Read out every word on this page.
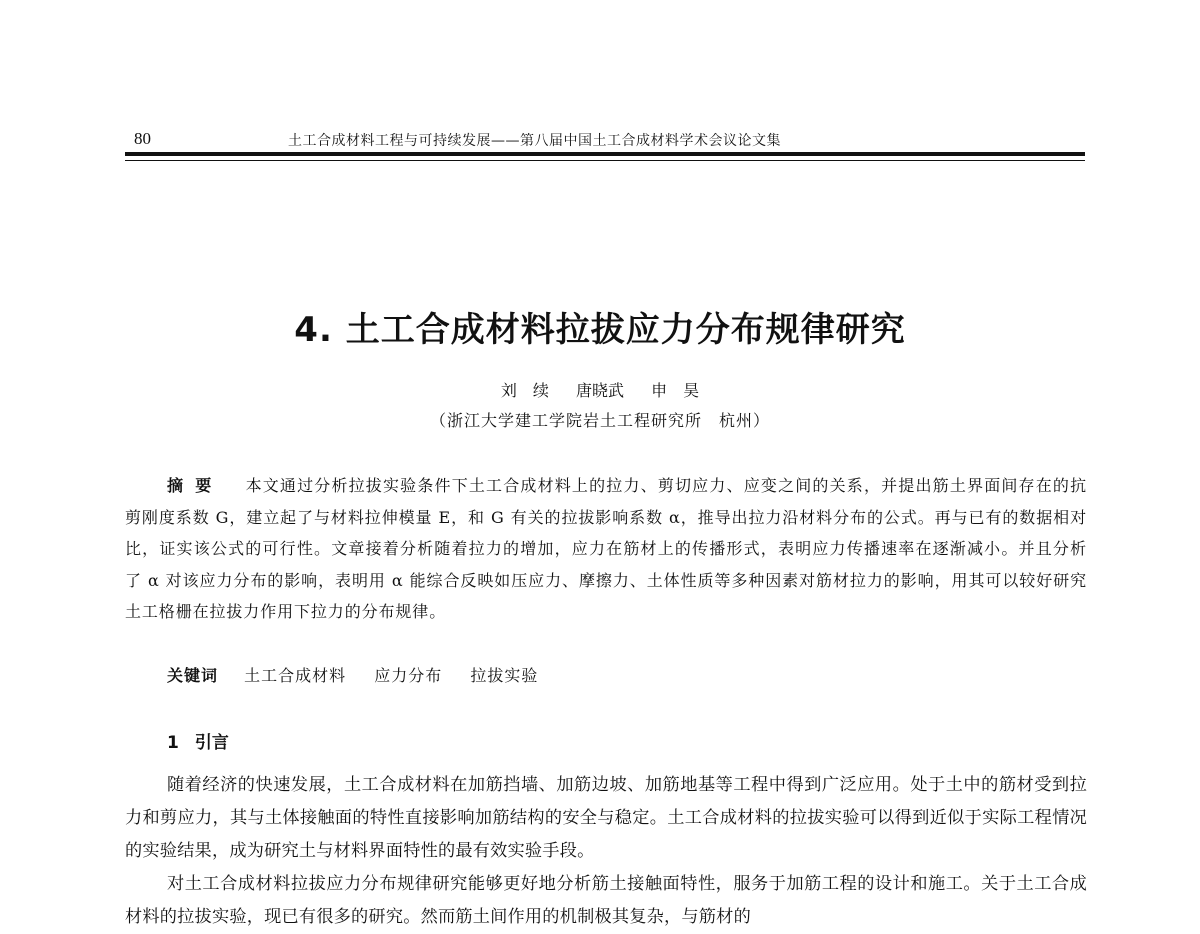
80	土工合成材料工程与可持续发展——第八届中国土工合成材料学术会议论文集
4. 土工合成材料拉拔应力分布规律研究
刘　续 唐晓武 申　昊
（浙江大学建工学院岩土工程研究所　杭州）
摘要 本文通过分析拉拔实验条件下土工合成材料上的拉力、剪切应力、应变之间的关系，并提出筋土界面间存在的抗剪刚度系数 G，建立起了与材料拉伸模量 E，和 G 有关的拉拔影响系数 α，推导出拉力沿材料分布的公式。再与已有的数据相对比，证实该公式的可行性。文章接着分析随着拉力的增加，应力在筋材上的传播形式，表明应力传播速率在逐渐减小。并且分析了 α 对该应力分布的影响，表明用 α 能综合反映如压应力、摩擦力、土体性质等多种因素对筋材拉力的影响，用其可以较好研究土工格栅在拉拔力作用下拉力的分布规律。
关键词 土工合成材料 应力分布 拉拔实验
1 引言

随着经济的快速发展，土工合成材料在加筋挡墙、加筋边坡、加筋地基等工程中得到广泛应用。处于土中的筋材受到拉力和剪应力，其与土体接触面的特性直接影响加筋结构的安全与稳定。土工合成材料的拉拔实验可以得到近似于实际工程情况的实验结果，成为研究土与材料界面特性的最有效实验手段。

对土工合成材料拉拔应力分布规律研究能够更好地分析筋土接触面特性，服务于加筋工程的设计和施工。关于土工合成材料的拉拔实验，现已有很多的研究。然而筋土间作用的机制极其复杂，与筋材的
